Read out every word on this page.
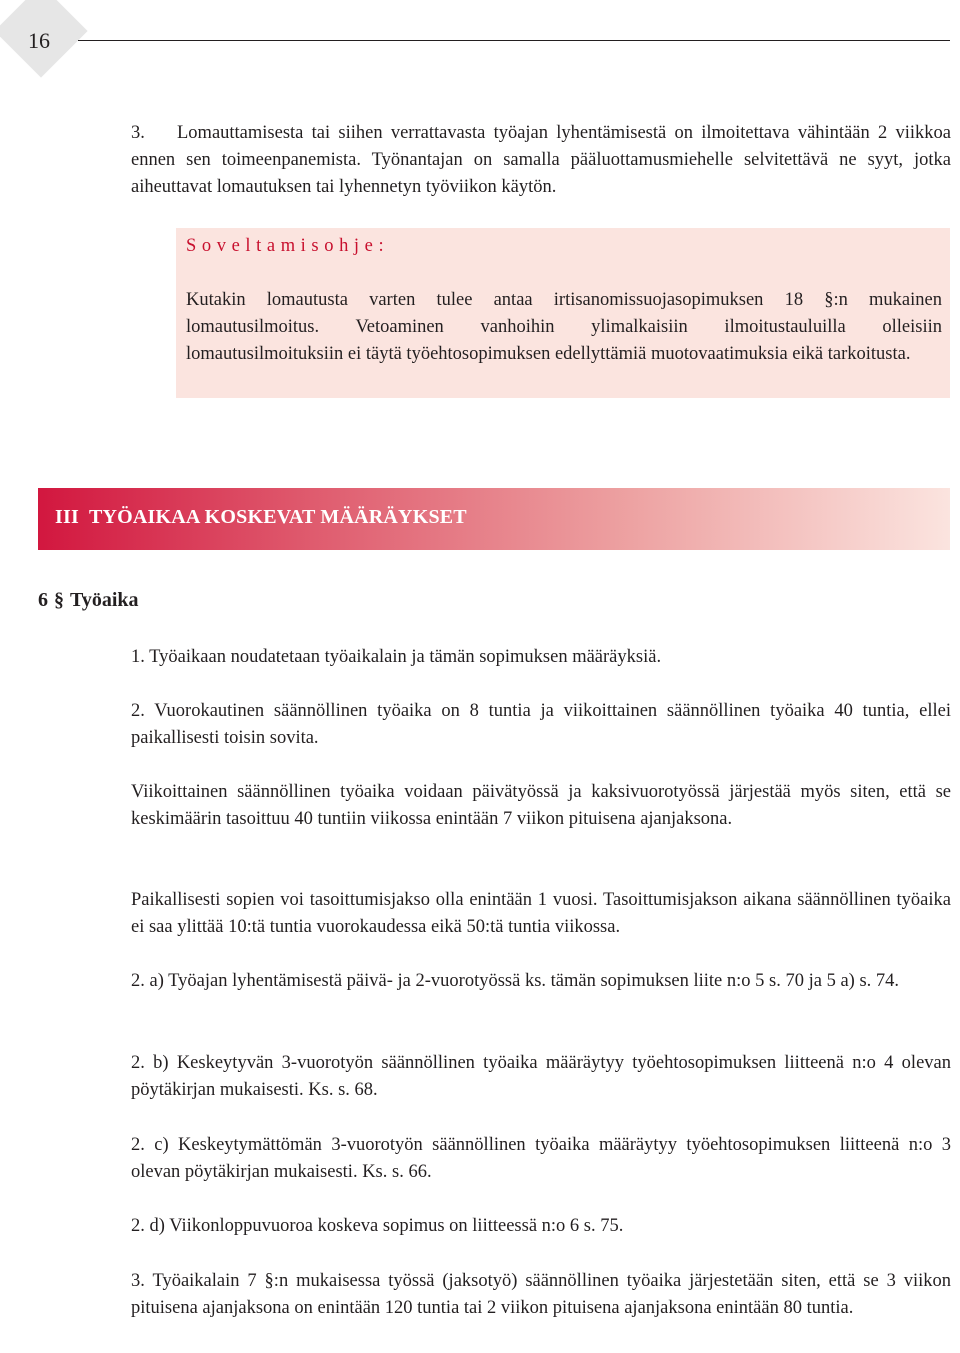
16

3. Lomauttamisesta tai siihen verrattavasta työajan lyhentämisestä on ilmoitettava vähintään 2 viikkoa ennen sen toimeenpanemista. Työnantajan on samalla pääluottamusmiehelle selvitettävä ne syyt, jotka aiheuttavat lomautuksen tai lyhennetyn työviikon käytön.

Soveltamisohje:

Kutakin lomautusta varten tulee antaa irtisanomissuojasopimuksen 18 §:n mukainen lomautusilmoitus. Vetoaminen vanhoihin ylimalkaisiin ilmoitustauluilla olleisiin lomautusilmoituksiin ei täytä työehtosopimuksen edellyttämiä muotovaatimuksia eikä tarkoitusta.

III TYÖAIKAA KOSKEVAT MÄÄRÄYKSET
6 § Työaika

1. Työaikaan noudatetaan työaikalain ja tämän sopimuksen määräyksiä.

2. Vuorokautinen säännöllinen työaika on 8 tuntia ja viikoittainen säännöllinen työaika 40 tuntia, ellei paikallisesti toisin sovita.

Viikoittainen säännöllinen työaika voidaan päivätyössä ja kaksivuorotyössä järjestää myös siten, että se keskimäärin tasoittuu 40 tuntiin viikossa enintään 7 viikon pituisena ajanjaksona.

Paikallisesti sopien voi tasoittumisjakso olla enintään 1 vuosi. Tasoittumisjakson aikana säännöllinen työaika ei saa ylittää 10:tä tuntia vuorokaudessa eikä 50:tä tuntia viikossa.

2. a) Työajan lyhentämisestä päivä- ja 2-vuorotyössä ks. tämän sopimuksen liite n:o 5 s. 70 ja 5 a) s. 74.

2. b) Keskeytyvän 3-vuorotyön säännöllinen työaika määräytyy työehtosopimuksen liitteenä n:o 4 olevan pöytäkirjan mukaisesti. Ks. s. 68.

2. c) Keskeytymättömän 3-vuorotyön säännöllinen työaika määräytyy työehtosopimuksen liitteenä n:o 3 olevan pöytäkirjan mukaisesti. Ks. s. 66.

2. d) Viikonloppuvuoroa koskeva sopimus on liitteessä n:o 6 s. 75.

3. Työaikalain 7 §:n mukaisessa työssä (jaksotyö) säännöllinen työaika järjestetään siten, että se 3 viikon pituisena ajanjaksona on enintään 120 tuntia tai 2 viikon pituisena ajanjaksona enintään 80 tuntia.
